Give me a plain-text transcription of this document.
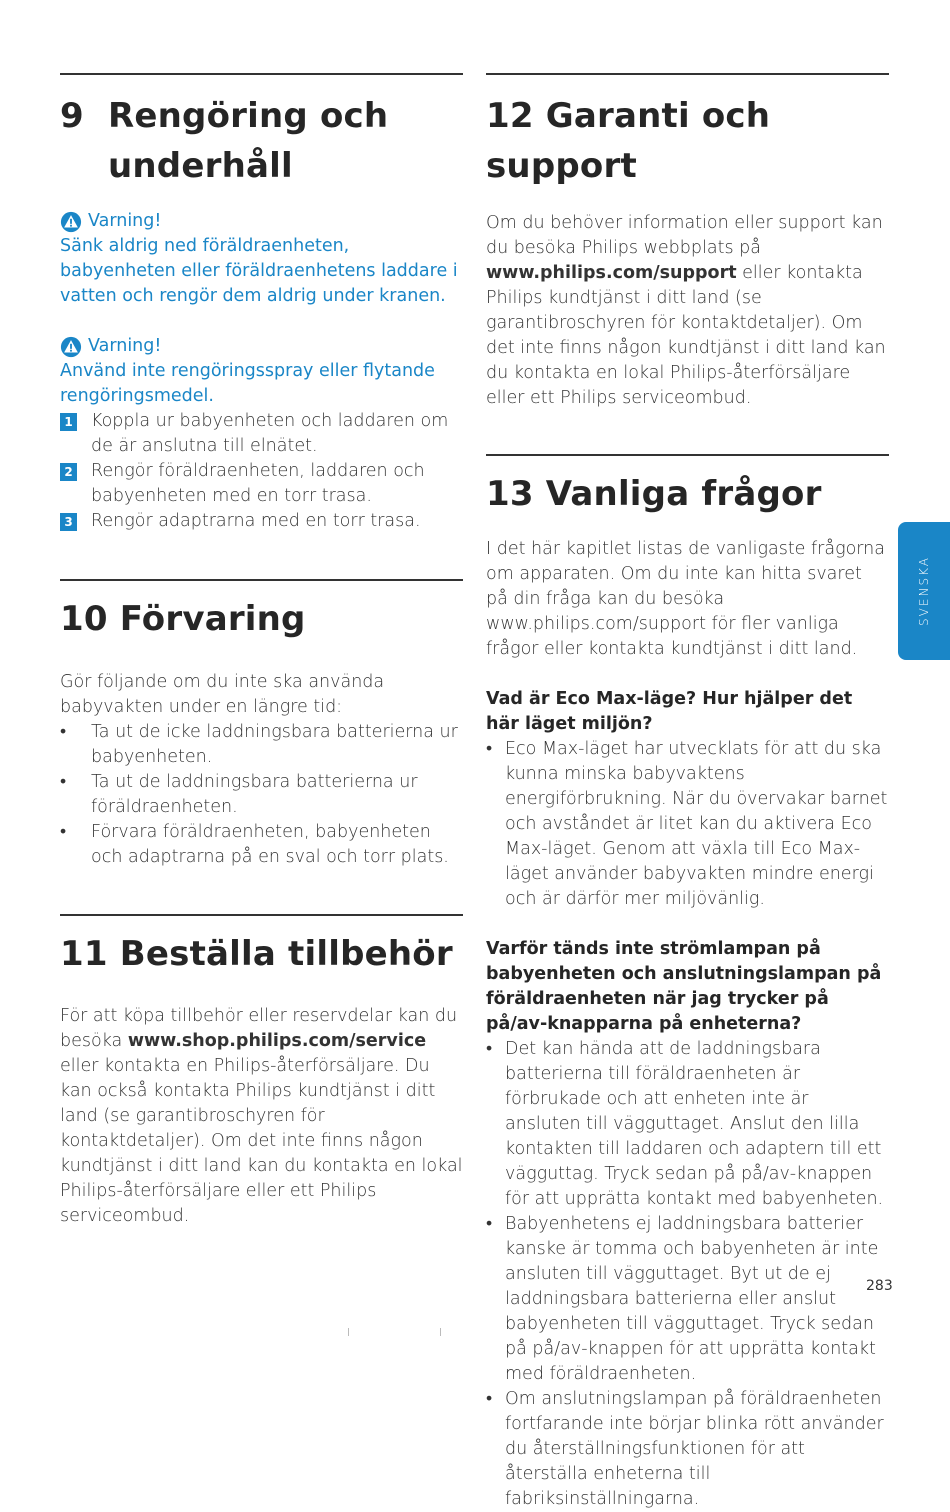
9 Rengöring och underhåll

Varning!

Sänk aldrig ned föräldraenheten, babyenheten eller föräldraenhetens laddare i vatten och rengör dem aldrig under kranen.

Varning!

Använd inte rengöringsspray eller flytande rengöringsmedel.

1 Koppla ur babyenheten och laddaren om de är anslutna till elnätet.
2 Rengör föräldraenheten, laddaren och babyenheten med en torr trasa.
3 Rengör adaptrarna med en torr trasa.
10 Förvaring

Gör följande om du inte ska använda babyvakten under en längre tid:

•	Ta ut de icke laddningsbara batterierna ur babyenheten.
•	Ta ut de laddningsbara batterierna ur föräldraenheten.
•	Förvara föräldraenheten, babyenheten och adaptrarna på en sval och torr plats.
11 Beställa tillbehör

För att köpa tillbehör eller reservdelar kan du besöka www.shop.philips.com/service eller kontakta en Philips-återförsäljare. Du kan också kontakta Philips kundtjänst i ditt land (se garantibroschyren för kontaktdetaljer). Om det inte finns någon kundtjänst i ditt land kan du kontakta en lokal Philips-återförsäljare eller ett Philips serviceombud.

12 Garanti och support

Om du behöver information eller support kan du besöka Philips webbplats på www.philips.com/support eller kontakta Philips kundtjänst i ditt land (se garantibroschyren för kontaktdetaljer). Om det inte finns någon kundtjänst i ditt land kan du kontakta en lokal Philips-återförsäljare eller ett Philips serviceombud.

13 Vanliga frågor

I det här kapitlet listas de vanligaste frågorna om apparaten. Om du inte kan hitta svaret på din fråga kan du besöka www.philips.com/support för fler vanliga frågor eller kontakta kundtjänst i ditt land.

Vad är Eco Max-läge? Hur hjälper det här läget miljön?

• Eco Max-läget har utvecklats för att du ska kunna minska babyvaktens energiförbrukning. När du övervakar barnet och avståndet är litet kan du aktivera Eco Max-läget. Genom att växla till Eco Max-läget använder babyvakten mindre energi och är därför mer miljövänlig.

Varför tänds inte strömlampan på babyenheten och anslutningslampan på föräldraenheten när jag trycker på på/av-knapparna på enheterna?

• Det kan hända att de laddningsbara batterierna till föräldraenheten är förbrukade och att enheten inte är ansluten till vägguttaget. Anslut den lilla kontakten till laddaren och adaptern till ett vägguttag. Tryck sedan på på/av-knappen för att upprätta kontakt med babyenheten.
• Babyenhetens ej laddningsbara batterier kanske är tomma och babyenheten är inte ansluten till vägguttaget. Byt ut de ej laddningsbara batterierna eller anslut babyenheten till vägguttaget. Tryck sedan på på/av-knappen för att upprätta kontakt med föräldraenheten.
• Om anslutningslampan på föräldraenheten fortfarande inte börjar blinka rött använder du återställningsfunktionen för att återställa enheterna till fabriksinställningarna.
SVENSKA
283
